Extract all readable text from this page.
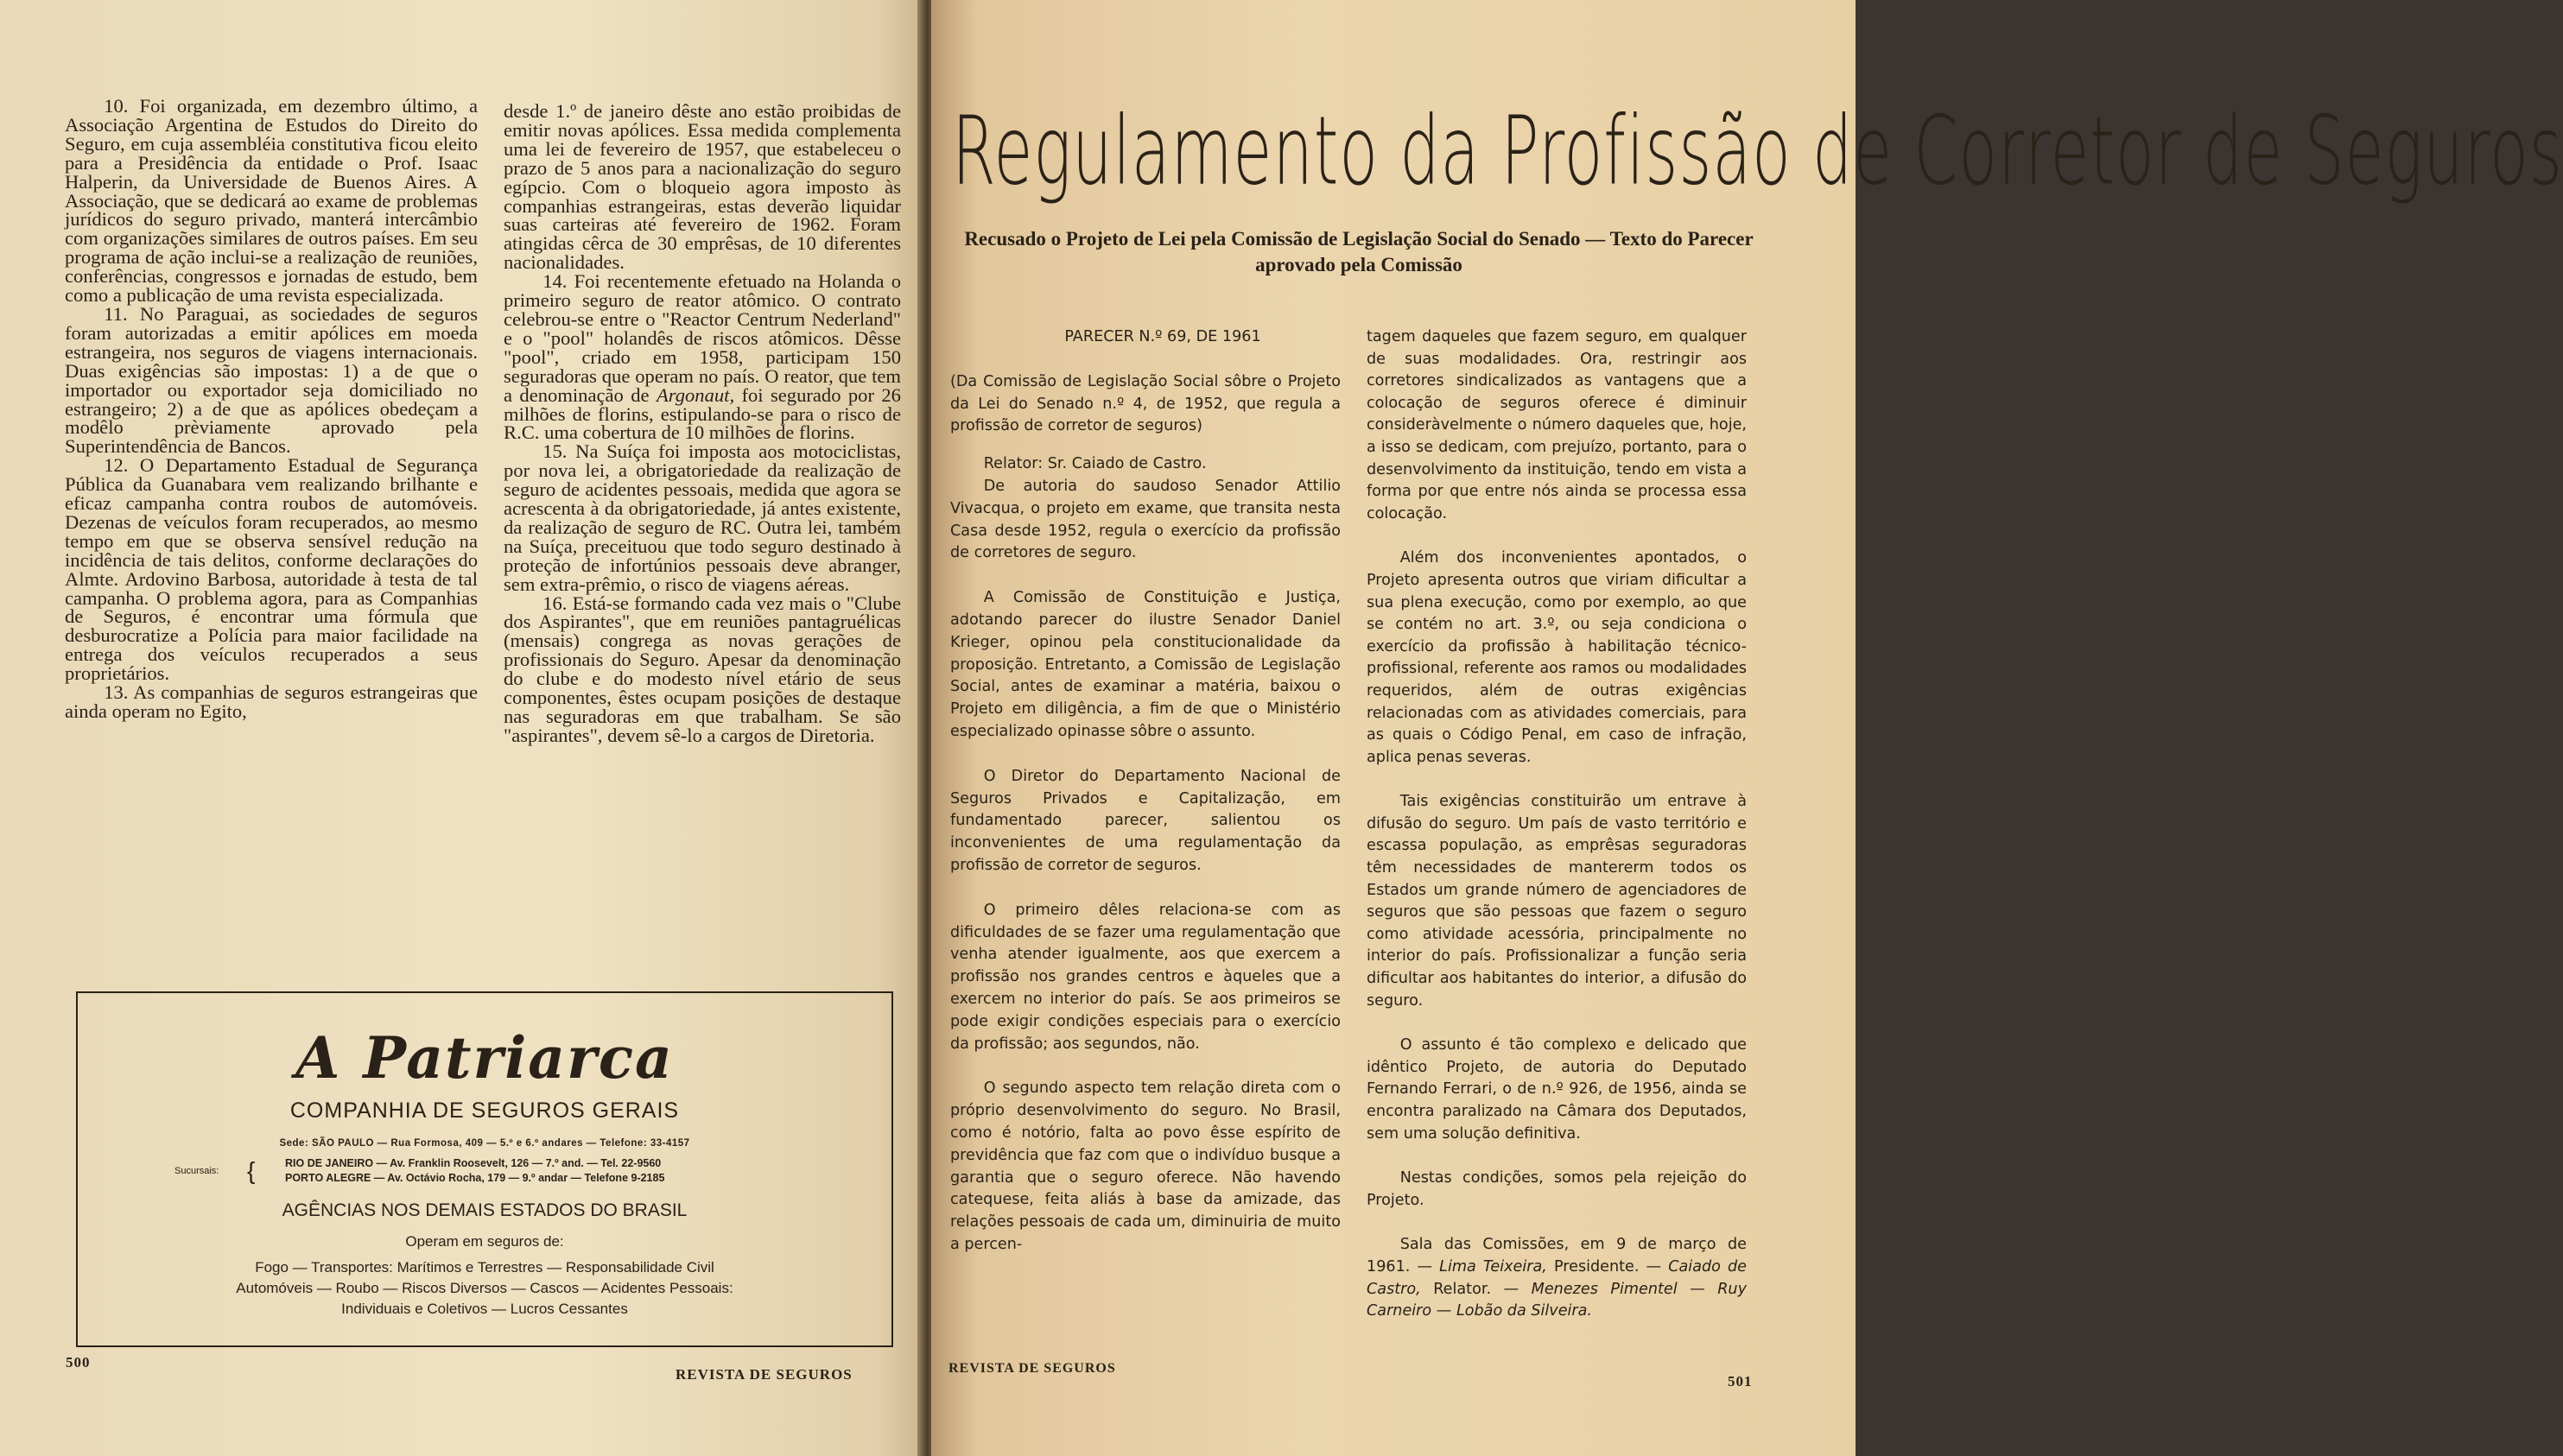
10. Foi organizada, em dezembro último, a Associação Argentina de Estudos do Direito do Seguro, em cuja assembléia constitutiva ficou eleito para a Presidência da entidade o Prof. Isaac Halperin, da Universidade de Buenos Aires. A Associação, que se dedicará ao exame de problemas jurídicos do seguro privado, manterá intercâmbio com organizações similares de outros países. Em seu programa de ação inclui-se a realização de reuniões, conferências, congressos e jornadas de estudo, bem como a publicação de uma revista especializada.

11. No Paraguai, as sociedades de seguros foram autorizadas a emitir apólices em moeda estrangeira, nos seguros de viagens internacionais. Duas exigências são impostas: 1) a de que o importador ou exportador seja domiciliado no estrangeiro; 2) a de que as apólices obedeçam a modêlo prèviamente aprovado pela Superintendência de Bancos.

12. O Departamento Estadual de Segurança Pública da Guanabara vem realizando brilhante e eficaz campanha contra roubos de automóveis. Dezenas de veículos foram recuperados, ao mesmo tempo em que se observa sensível redução na incidência de tais delitos, conforme declarações do Almte. Ardovino Barbosa, autoridade à testa de tal campanha. O problema agora, para as Companhias de Seguros, é encontrar uma fórmula que desburocratize a Polícia para maior facilidade na entrega dos veículos recuperados a seus proprietários.

13. As companhias de seguros estrangeiras que ainda operam no Egito,

desde 1.º de janeiro dêste ano estão proibidas de emitir novas apólices. Essa medida complementa uma lei de fevereiro de 1957, que estabeleceu o prazo de 5 anos para a nacionalização do seguro egípcio. Com o bloqueio agora imposto às companhias estrangeiras, estas deverão liquidar suas carteiras até fevereiro de 1962. Foram atingidas cêrca de 30 emprêsas, de 10 diferentes nacionalidades.

14. Foi recentemente efetuado na Holanda o primeiro seguro de reator atômico. O contrato celebrou-se entre o "Reactor Centrum Nederland" e o "pool" holandês de riscos atômicos. Dêsse "pool", criado em 1958, participam 150 seguradoras que operam no país. O reator, que tem a denominação de Argonaut, foi segurado por 26 milhões de florins, estipulando-se para o risco de R.C. uma cobertura de 10 milhões de florins.

15. Na Suíça foi imposta aos motociclistas, por nova lei, a obrigatoriedade da realização de seguro de acidentes pessoais, medida que agora se acrescenta à da obrigatoriedade, já antes existente, da realização de seguro de RC. Outra lei, também na Suíça, preceituou que todo seguro destinado à proteção de infortúnios pessoais deve abranger, sem extra-prêmio, o risco de viagens aéreas.

16. Está-se formando cada vez mais o "Clube dos Aspirantes", que em reuniões pantagruélicas (mensais) congrega as novas gerações de profissionais do Seguro. Apesar da denominação do clube e do modesto nível etário de seus componentes, êstes ocupam posições de destaque nas seguradoras em que trabalham. Se são "aspirantes", devem sê-lo a cargos de Diretoria.

A Patriarca
COMPANHIA DE SEGUROS GERAIS
Sede: SÃO PAULO — Rua Formosa, 409 — 5.º e 6.º andares — Telefone: 33-4157
Sucursais: {	RIO DE JANEIRO — Av. Franklin Roosevelt, 126 — 7.º and. — Tel. 22-9560
PORTO ALEGRE — Av. Octávio Rocha, 179 — 9.º andar — Telefone 9-2185
AGÊNCIAS NOS DEMAIS ESTADOS DO BRASIL
Operam em seguros de:
Fogo — Transportes: Marítimos e Terrestres — Responsabilidade Civil
Automóveis — Roubo — Riscos Diversos — Cascos — Acidentes Pessoais:
Individuais e Coletivos — Lucros Cessantes
500
REVISTA DE SEGUROS
Regulamento da Profissão de Corretor de Seguros
Recusado o Projeto de Lei pela Comissão de Legislação Social do Senado — Texto do Parecer aprovado pela Comissão

PARECER N.º 69, DE 1961

(Da Comissão de Legislação Social sôbre o Projeto da Lei do Senado n.º 4, de 1952, que regula a profissão de corretor de seguros)

Relator: Sr. Caiado de Castro.

De autoria do saudoso Senador Attilio Vivacqua, o projeto em exame, que transita nesta Casa desde 1952, regula o exercício da profissão de corretores de seguro.

A Comissão de Constituição e Justiça, adotando parecer do ilustre Senador Daniel Krieger, opinou pela constitucionalidade da proposição. Entretanto, a Comissão de Legislação Social, antes de examinar a matéria, baixou o Projeto em diligência, a fim de que o Ministério especializado opinasse sôbre o assunto.

O Diretor do Departamento Nacional de Seguros Privados e Capitalização, em fundamentado parecer, salientou os inconvenientes de uma regulamentação da profissão de corretor de seguros.

O primeiro dêles relaciona-se com as dificuldades de se fazer uma regulamentação que venha atender igualmente, aos que exercem a profissão nos grandes centros e àqueles que a exercem no interior do país. Se aos primeiros se pode exigir condições especiais para o exercício da profissão; aos segundos, não.

O segundo aspecto tem relação direta com o próprio desenvolvimento do seguro. No Brasil, como é notório, falta ao povo êsse espírito de previdência que faz com que o indivíduo busque a garantia que o seguro oferece. Não havendo catequese, feita aliás à base da amizade, das relações pessoais de cada um, diminuiria de muito a percen-

tagem daqueles que fazem seguro, em qualquer de suas modalidades. Ora, restringir aos corretores sindicalizados as vantagens que a colocação de seguros oferece é diminuir consideràvelmente o número daqueles que, hoje, a isso se dedicam, com prejuízo, portanto, para o desenvolvimento da instituição, tendo em vista a forma por que entre nós ainda se processa essa colocação.

Além dos inconvenientes apontados, o Projeto apresenta outros que viriam dificultar a sua plena execução, como por exemplo, ao que se contém no art. 3.º, ou seja condiciona o exercício da profissão à habilitação técnico-profissional, referente aos ramos ou modalidades requeridos, além de outras exigências relacionadas com as atividades comerciais, para as quais o Código Penal, em caso de infração, aplica penas severas.

Tais exigências constituirão um entrave à difusão do seguro. Um país de vasto território e escassa população, as emprêsas seguradoras têm necessidades de mantererm todos os Estados um grande número de agenciadores de seguros que são pessoas que fazem o seguro como atividade acessória, principalmente no interior do país. Profissionalizar a função seria dificultar aos habitantes do interior, a difusão do seguro.

O assunto é tão complexo e delicado que idêntico Projeto, de autoria do Deputado Fernando Ferrari, o de n.º 926, de 1956, ainda se encontra paralizado na Câmara dos Deputados, sem uma solução definitiva.

Nestas condições, somos pela rejeição do Projeto.

Sala das Comissões, em 9 de março de 1961. — Lima Teixeira, Presidente. — Caiado de Castro, Relator. — Menezes Pimentel — Ruy Carneiro — Lobão da Silveira.

REVISTA DE SEGUROS
501
